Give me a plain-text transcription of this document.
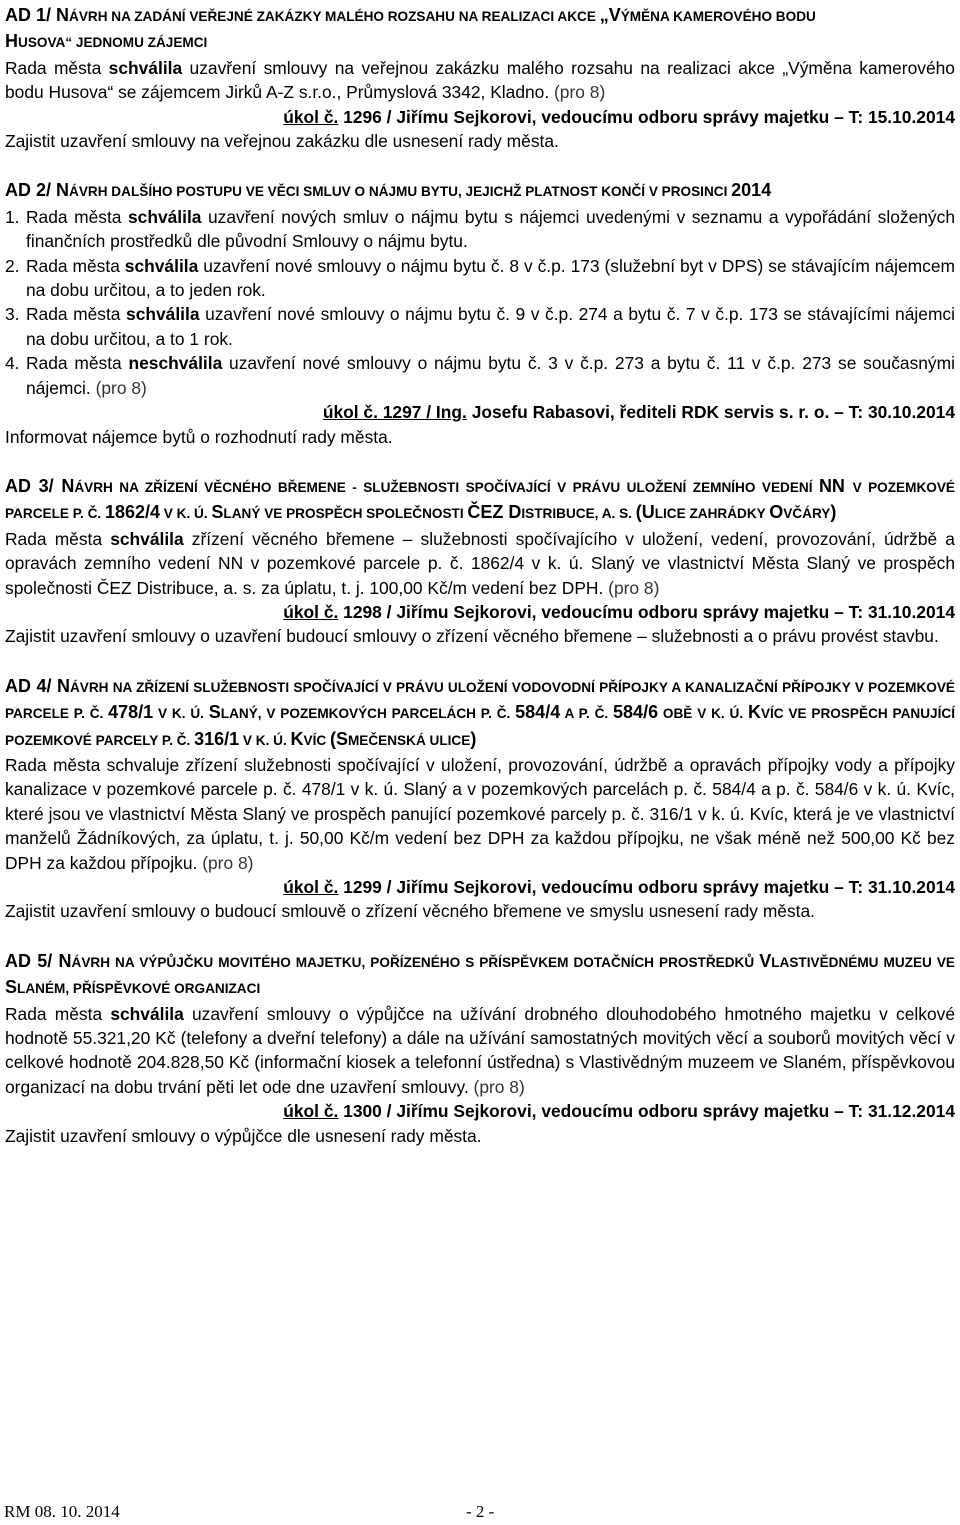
AD 1/ NÁVRH NA ZADÁNÍ VEŘEJNÉ ZAKÁZKY MALÉHO ROZSAHU NA REALIZACI AKCE „VÝMĚNA KAMEROVÉHO BODU
HUSOVA“ JEDNOMU ZÁJEMCI
Rada města schválila uzavření smlouvy na veřejnou zakázku malého rozsahu na realizaci akce „Výměna kamerového bodu Husova“ se zájemcem Jirků A-Z s.r.o., Průmyslová 3342, Kladno. (pro 8)
úkol č. 1296 / Jiřímu Sejkorovi, vedoucímu odboru správy majetku – T: 15.10.2014
Zajistit uzavření smlouvy na veřejnou zakázku dle usnesení rady města.
AD 2/ NÁVRH DALŠÍHO POSTUPU VE VĚCI SMLUV O NÁJMU BYTU, JEJICHŽ PLATNOST KONČÍ V PROSINCI 2014
1. Rada města schválila uzavření nových smluv o nájmu bytu s nájemci uvedenými v seznamu a vypořádání složených finančních prostředků dle původní Smlouvy o nájmu bytu.
2. Rada města schválila uzavření nové smlouvy o nájmu bytu č. 8 v č.p. 173 (služební byt v DPS) se stávajícím nájemcem na dobu určitou, a to jeden rok.
3. Rada města schválila uzavření nové smlouvy o nájmu bytu č. 9 v č.p. 274 a bytu č. 7 v č.p. 173 se stávajícími nájemci na dobu určitou, a to 1 rok.
4. Rada města neschválila uzavření nové smlouvy o nájmu bytu č. 3 v č.p. 273 a bytu č. 11 v č.p. 273 se současnými nájemci. (pro 8)
úkol č. 1297 / Ing. Josefu Rabasovi, řediteli RDK servis s. r. o. – T: 30.10.2014
Informovat nájemce bytů o rozhodnutí rady města.
AD 3/ NÁVRH NA ZŘÍZENÍ VĚCNÉHO BŘEMENE - SLUŽEBNOSTI SPOČÍVAJÍCÍ V PRÁVU ULOŽENÍ ZEMNÍHO VEDENÍ NN V POZEMKOVÉ PARCELE P. Č. 1862/4 V K. Ú. SLANÝ VE PROSPĚCH SPOLEČNOSTI ČEZ DISTRIBUCE, A. S. (ULICE ZAHRÁDKY OVČÁRY)
Rada města schválila zřízení věcného břemene – služebnosti spočívajícího v uložení, vedení, provozování, údržbě a opravách zemního vedení NN v pozemkové parcele p. č. 1862/4 v k. ú. Slaný ve vlastnictví Města Slaný ve prospěch společnosti ČEZ Distribuce, a. s. za úplatu, t. j. 100,00 Kč/m vedení bez DPH. (pro 8)
úkol č. 1298 / Jiřímu Sejkorovi, vedoucímu odboru správy majetku – T: 31.10.2014
Zajistit uzavření smlouvy o uzavření budoucí smlouvy o zřízení věcného břemene – služebnosti a o právu provést stavbu.
AD 4/ NÁVRH NA ZŘÍZENÍ SLUŽEBNOSTI SPOČÍVAJÍCÍ V PRÁVU ULOŽENÍ VODOVODNÍ PŘÍPOJKY A KANALIZAČNÍ PŘÍPOJKY V POZEMKOVÉ PARCELE P. Č. 478/1 V K. Ú. SLANÝ, V POZEMKOVÝCH PARCELÁCH P. Č. 584/4 A P. Č. 584/6 OBĚ V K. Ú. KVÍC VE PROSPĚCH PANUJÍCÍ POZEMKOVÉ PARCELY P. Č. 316/1 V K. Ú. KVÍC (SMEČENSKÁ ULICE)
Rada města schvaluje zřízení služebnosti spočívající v uložení, provozování, údržbě a opravách přípojky vody a přípojky kanalizace v pozemkové parcele p. č. 478/1 v k. ú. Slaný a v pozemkových parcelách p. č. 584/4 a p. č. 584/6 v k. ú. Kvíc, které jsou ve vlastnictví Města Slaný ve prospěch panující pozemkové parcely p. č. 316/1 v k. ú. Kvíc, která je ve vlastnictví manželů Žádníkových, za úplatu, t. j. 50,00 Kč/m vedení bez DPH za každou přípojku, ne však méně než 500,00 Kč bez DPH za každou přípojku. (pro 8)
úkol č. 1299 / Jiřímu Sejkorovi, vedoucímu odboru správy majetku – T: 31.10.2014
Zajistit uzavření smlouvy o budoucí smlouvě o zřízení věcného břemene ve smyslu usnesení rady města.
AD 5/ NÁVRH NA VÝPŮJČKU MOVITÉHO MAJETKU, POŘÍZENÉHO S PŘÍSPĚVKEM DOTAČNÍCH PROSTŘEDKŮ VLASTIVĚDNÉMU MUZEU VE SLANÉM, PŘÍSPĚVKOVÉ ORGANIZACI
Rada města schválila uzavření smlouvy o výpůjčce na užívání drobného dlouhodobého hmotného majetku v celkové hodnotě 55.321,20 Kč (telefony a dveřní telefony) a dále na užívání samostatných movitých věcí a souborů movitých věcí v celkové hodnotě 204.828,50 Kč (informační kiosek a telefonní ústředna) s Vlastivědným muzeem ve Slaném, příspěvkovou organizací na dobu trvání pěti let ode dne uzavření smlouvy. (pro 8)
úkol č. 1300 / Jiřímu Sejkorovi, vedoucímu odboru správy majetku – T: 31.12.2014
Zajistit uzavření smlouvy o výpůjčce dle usnesení rady města.
RM 08. 10. 2014	- 2 -
